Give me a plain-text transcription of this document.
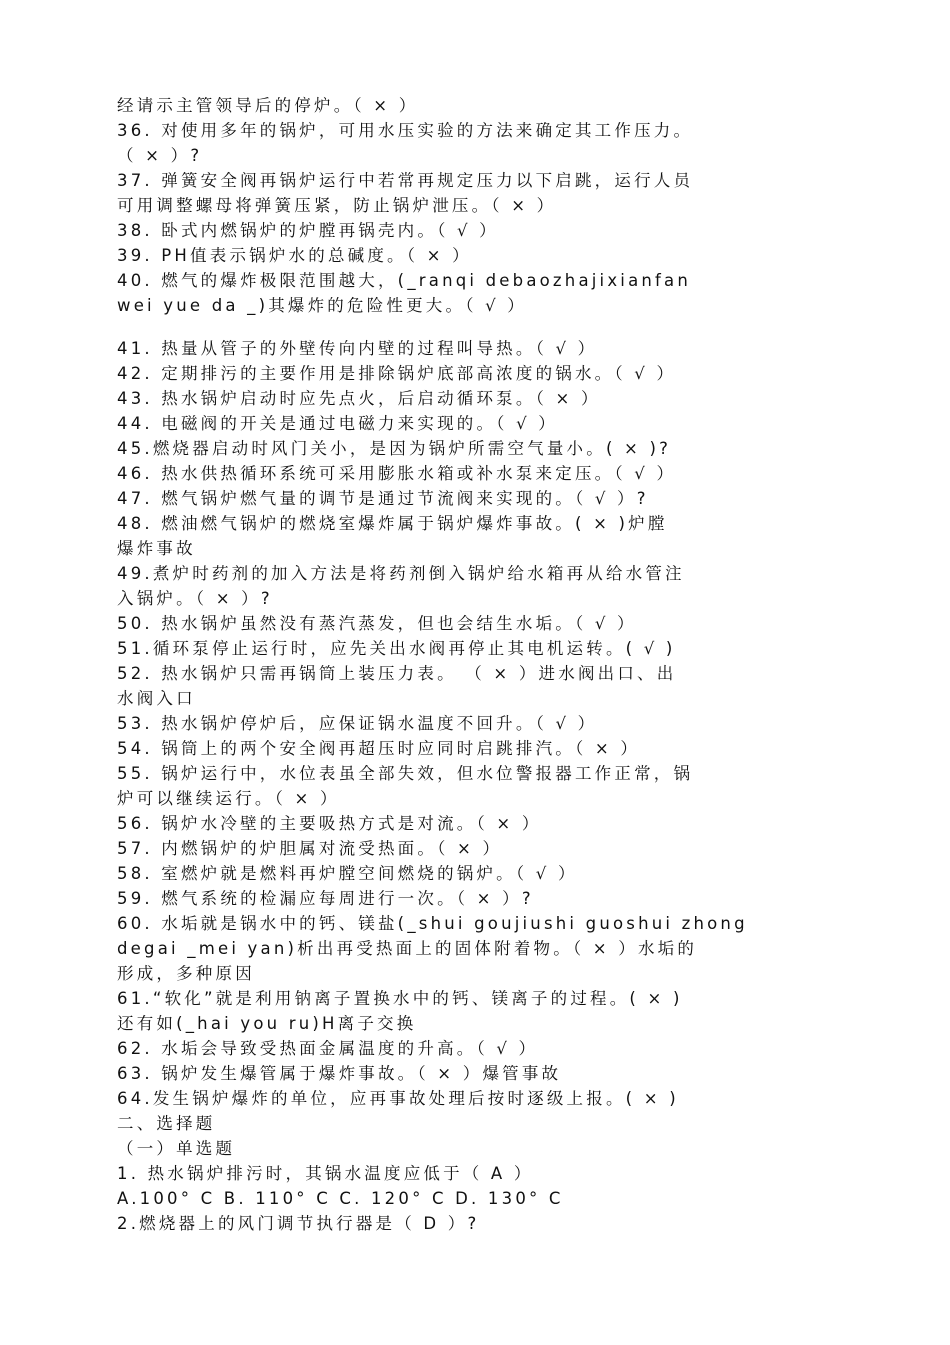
经请示主管领导后的停炉。（ × ）
36. 对使用多年的锅炉，可用水压实验的方法来确定其工作压力。
（ × ）?
37. 弹簧安全阀再锅炉运行中若常再规定压力以下启跳，运行人员
可用调整螺母将弹簧压紧，防止锅炉泄压。（ × ）
38. 卧式内燃锅炉的炉膛再锅壳内。（ √ ）
39. PH值表示锅炉水的总碱度。（ × ）
40. 燃气的爆炸极限范围越大，(_ranqi debaozhajixianfan
wei yue da _)其爆炸的危险性更大。（ √ ）
41. 热量从管子的外壁传向内壁的过程叫导热。（ √ ）
42. 定期排污的主要作用是排除锅炉底部高浓度的锅水。（ √ ）
43. 热水锅炉启动时应先点火，后启动循环泵。（ × ）
44. 电磁阀的开关是通过电磁力来实现的。（ √ ）
45.燃烧器启动时风门关小，是因为锅炉所需空气量小。( × )?
46. 热水供热循环系统可采用膨胀水箱或补水泵来定压。（ √ ）
47. 燃气锅炉燃气量的调节是通过节流阀来实现的。（ √ ）?
48. 燃油燃气锅炉的燃烧室爆炸属于锅炉爆炸事故。( × )炉膛
爆炸事故
49.煮炉时药剂的加入方法是将药剂倒入锅炉给水箱再从给水管注
入锅炉。（ × ）?
50. 热水锅炉虽然没有蒸汽蒸发，但也会结生水垢。（ √ ）
51.循环泵停止运行时，应先关出水阀再停止其电机运转。( √ )
52. 热水锅炉只需再锅筒上装压力表。 （ × ）进水阀出口、出
水阀入口
53. 热水锅炉停炉后，应保证锅水温度不回升。（ √ ）
54. 锅筒上的两个安全阀再超压时应同时启跳排汽。（ × ）
55. 锅炉运行中，水位表虽全部失效，但水位警报器工作正常，锅
炉可以继续运行。（ × ）
56. 锅炉水冷壁的主要吸热方式是对流。（ × ）
57. 内燃锅炉的炉胆属对流受热面。（ × ）
58. 室燃炉就是燃料再炉膛空间燃烧的锅炉。（ √ ）
59. 燃气系统的检漏应每周进行一次。（ × ）?
60. 水垢就是锅水中的钙、镁盐(_shui goujiushi guoshui zhong
degai _mei yan)析出再受热面上的固体附着物。（ × ）水垢的
形成，多种原因
61.“软化”就是利用钠离子置换水中的钙、镁离子的过程。( × )
还有如(_hai you ru)H离子交换
62. 水垢会导致受热面金属温度的升高。（ √ ）
63. 锅炉发生爆管属于爆炸事故。（ × ）爆管事故
64.发生锅炉爆炸的单位，应再事故处理后按时逐级上报。( × )
二、选择题
（一）单选题
1. 热水锅炉排污时，其锅水温度应低于（ A ）
A.100° C B. 110° C C. 120° C D. 130° C
2.燃烧器上的风门调节执行器是（ D ）?
